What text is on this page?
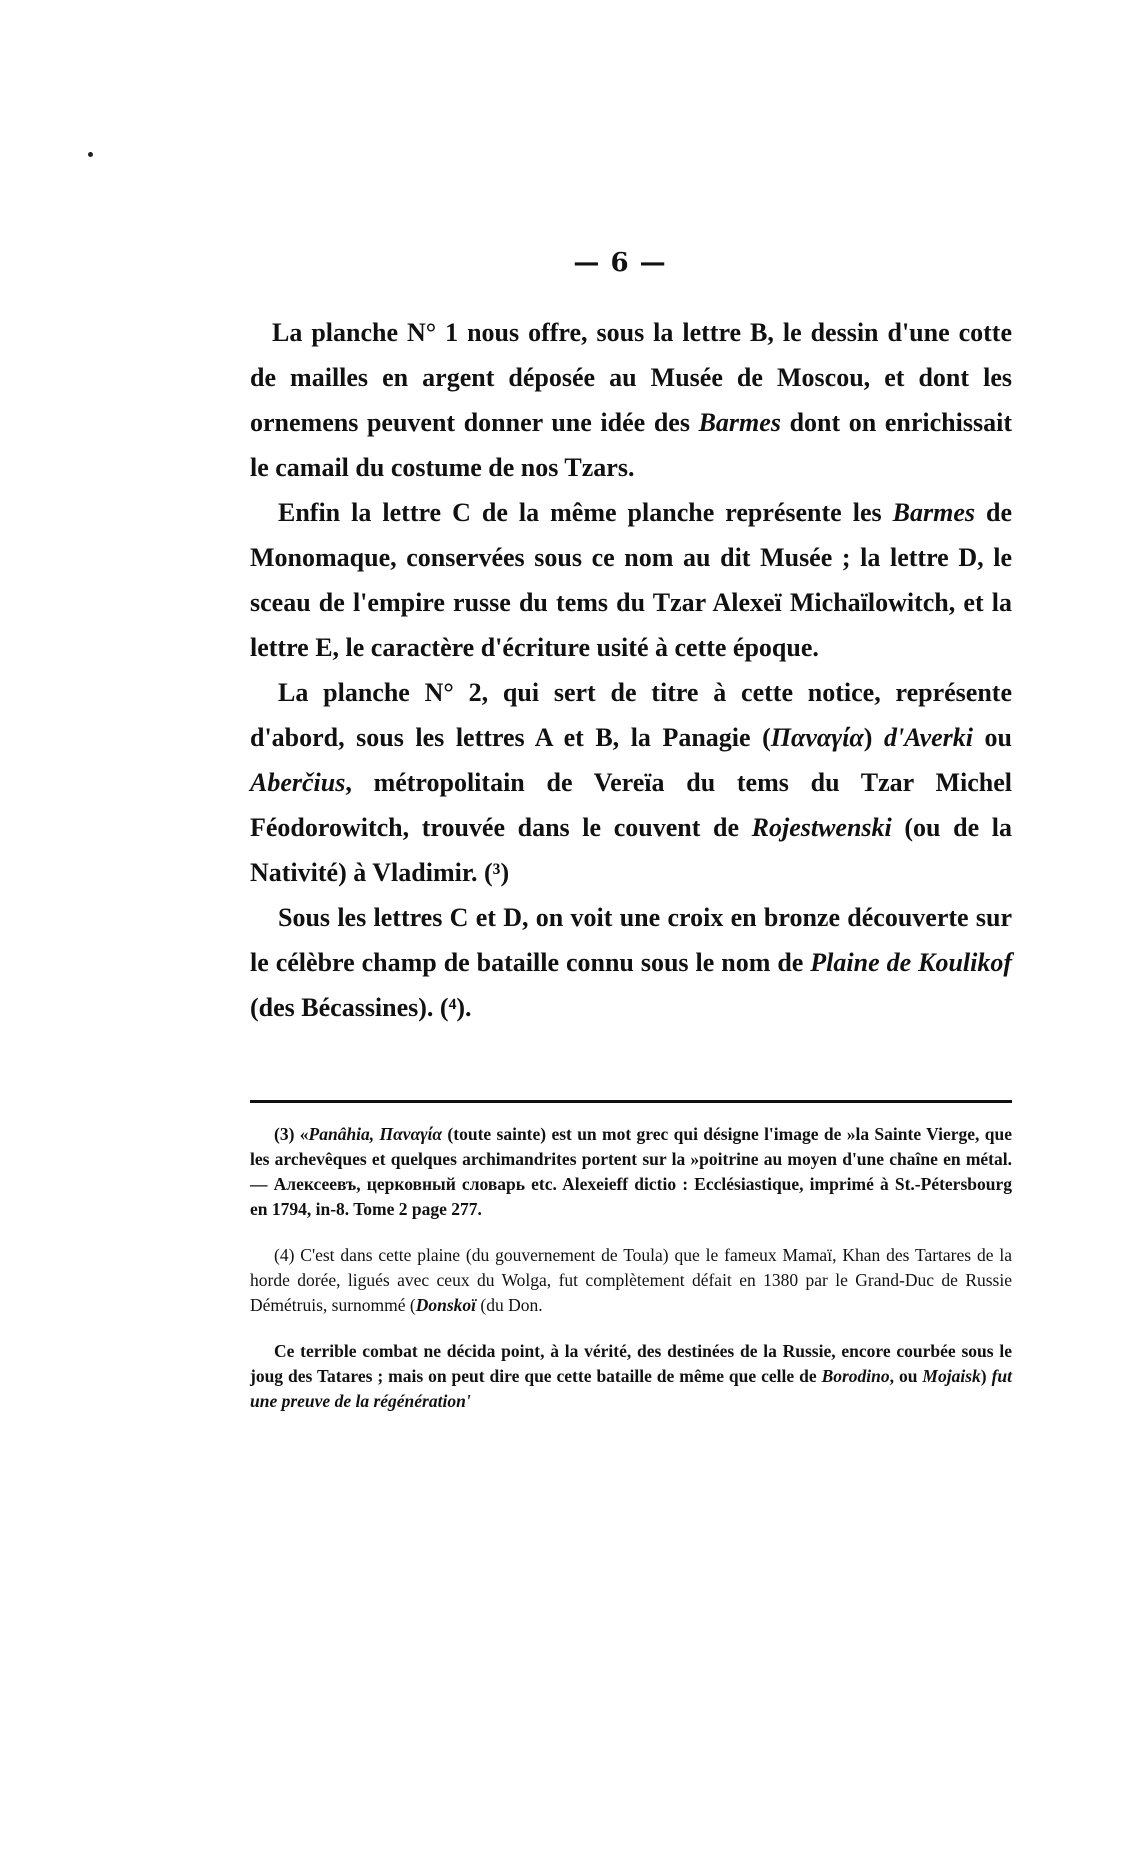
— 6 —

La planche N° 1 nous offre, sous la lettre B, le dessin d'une cotte de mailles en argent déposée au Musée de Moscou, et dont les ornemens peuvent donner une idée des Barmes dont on enrichissait le camail du costume de nos Tzars.

Enfin la lettre C de la même planche représente les Barmes de Monomaque, conservées sous ce nom au dit Musée ; la lettre D, le sceau de l'empire russe du tems du Tzar Alexeï Michaïlowitch, et la lettre E, le caractère d'écriture usité à cette époque.

La planche N° 2, qui sert de titre à cette notice, représente d'abord, sous les lettres A et B, la Panagie (Παναγία) d'Averki ou Aberčius, métropolitain de Vereïa du tems du Tzar Michel Féodorowitch, trouvée dans le couvent de Rojestwenski (ou de la Nativité) à Vladimir. (³)

Sous les lettres C et D, on voit une croix en bronze découverte sur le célèbre champ de bataille connu sous le nom de Plaine de Koulikof (des Bécassines). (⁴).

(3) «Panâhia, Παναγία (toute sainte) est un mot grec qui désigne l'image de »la Sainte Vierge, que les archevêques et quelques archimandrites portent sur la »poitrine au moyen d'une chaîne en métal. — Алексеевъ, церковный словарь etc. Alexeieff dictio : Ecclésiastique, imprimé à St.-Pétersbourg en 1794, in-8. Tome 2 page 277.

(4) C'est dans cette plaine (du gouvernement de Toula) que le fameux Mamaï, Khan des Tartares de la horde dorée, ligués avec ceux du Wolga, fut complètement défait en 1380 par le Grand-Duc de Russie Démétruis, surnommé (Donskoï (du Don.

Ce terrible combat ne décida point, à la vérité, des destinées de la Russie, encore courbée sous le joug des Tatares ; mais on peut dire que cette bataille de même que celle de Borodino, ou Mojaisk) fut une preuve de la régénération'
